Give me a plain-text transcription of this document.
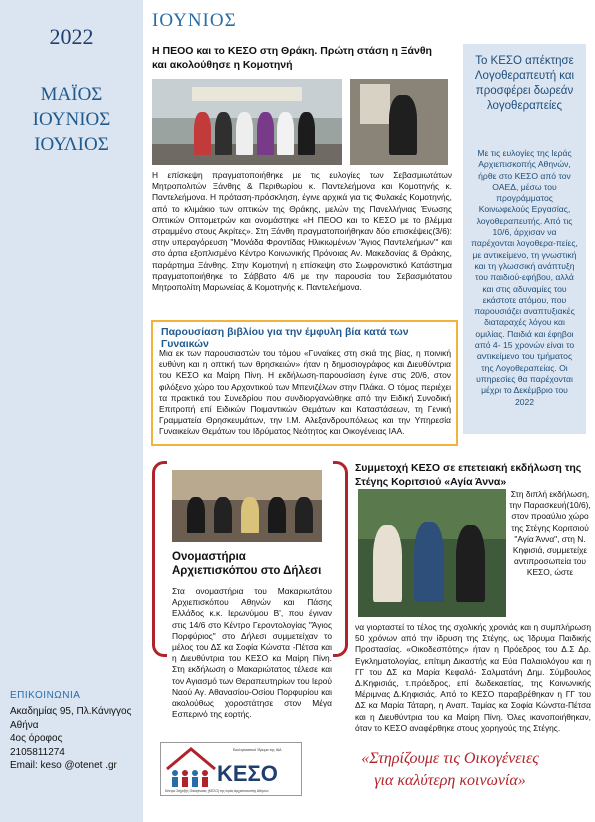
2022
ΜΑΪΟΣ
ΙΟΥΝΙΟΣ
ΙΟΥΛΙΟΣ
ΕΠΙΚΟΙΝΩΝΙΑ
Ακαδημίας 95, Πλ.Κάνιγγος
Αθήνα
4ος όροφος
2105811274
Email: keso @otenet .gr
ΙΟΥΝΙΟΣ
Η ΠΕΟΟ και το ΚΕΣΟ στη Θράκη. Πρώτη στάση η Ξάνθη και ακολούθησε η Κομοτηνή
Η επίσκεψη πραγματοποιήθηκε με τις ευλογίες των Σεβασμιωτάτων Μητροπολιτών Ξάνθης & Περιθωρίου κ. Παντελεήμονα και Κομοτηνής κ. Παντελεήμονα. Η πρόταση-πρόσκληση, έγινε αρχικά για τις Φυλακές Κομοτηνής, από το κλιμάκιο των οπτικών της Θράκης, μελών της Πανελλήνιας Ένωσης Οπτικών Οπτομετρών και ονομάστηκε «Η ΠΕΟΟ και το ΚΕΣΟ με το βλέμμα στραμμένο στους Ακρίτες». Στη Ξάνθη πραγματοποιήθηκαν δύο επισκέψεις(3/6): στην υπεραγόρευση "Μονάδα Φροντίδας Ηλικιωμένων 'Άγιος Παντελεήμων'" και στο άρτια εξοπλισμένο Κέντρο Κοινωνικής Πρόνοιας Αν. Μακεδονίας & Θράκης, παράρτημα Ξάνθης. Στην Κομοτηνή η επίσκεψη στο Σωφρονιστικό Κατάστημα πραγματοποιήθηκε το Σάββατο 4/6 με την παρουσία του Σεβασμιότατου Μητροπολίτη Μαρωνείας & Κομοτηνής κ. Παντελεήμονα.
Το ΚΕΣΟ απέκτησε Λογοθεραπευτή και προσφέρει δωρεάν λογοθεραπείες
Με τις ευλογίες της Ιεράς Αρχιεπισκοπής Αθηνών, ήρθε στο ΚΕΣΟ από τον ΟΑΕΔ, μέσω του προγράμματος Κοινωφελούς Εργασίας, λογοθεραπευτής. Από τις 10/6, άρχισαν να παρέχονται λογοθερα-πείες, με αντικείμενο, τη γνωστική και τη γλωσσική ανάπτυξη του παιδιού-εφήβου, αλλά και στις αδυναμίες του εκάστοτε ατόμου, που παρουσιάζει αναπτυξιακές διαταραχές λόγου και ομιλίας. Παιδιά και έφηβοι από 4- 15 χρονών είναι το αντικείμενο του τμήματος της Λογοθεραπείας. Οι υπηρεσίες θα παρέχονται μέχρι το Δεκέμβριο του 2022
Παρουσίαση βιβλίου για την έμφυλη βία κατά των Γυναικών
Μια εκ των παρουσιαστών του τόμου «Γυναίκες στη σκιά της βίας, η ποινική ευθύνη και η οπτική των θρησκειών» ήταν η δημοσιογράφος και Διευθύντρια του ΚΕΣΟ κα Μαίρη Πίνη. Η εκδήλωση-παρουσίαση έγινε στις 20/6, στον φιλόξενο χώρο του Αρχοντικού των Μπενιζέλων στην Πλάκα. Ο τόμος περιέχει τα πρακτικά του Συνεδρίου που συνδιοργανώθηκε από την Ειδική Συνοδική Επιτροπή επί Ειδικών Ποιμαντικών Θεμάτων και Καταστάσεων, τη Γενική Γραμματεία Θρησκευμάτων, την Ι.Μ. Αλεξανδρουπόλεως και την Υπηρεσία Γυναικείων Θεμάτων του Ιδρύματος Νεότητος και Οικογένειας ΙΑΑ.
Ονομαστήρια Αρχιεπισκόπου στο Δήλεσι
Στα ονομαστήρια του Μακαριωτάτου Αρχιεπισκόπου Αθηνών και Πάσης Ελλάδος κ.κ. Ιερωνύμου Β', που έγιναν στις 14/6 στο Κέντρο Γεροντολογίας "Άγιος Πορφύριος" στο Δήλεσι συμμετείχαν το μέλος του ΔΣ κα Σοφία Κώνστα -Πέτσα και η Διευθύντρια του ΚΕΣΟ κα Μαίρη Πίνη. Στη εκδήλωση ο Μακαριώτατος τέλεσε και τον Αγιασμό των Θεραπευτηρίων του Ιερού Ναού Αγ. Αθανασίου-Οσίου Πορφυρίου και ακολούθως χοροστάτησε στον Μέγα Εσπερινό της εορτής.
Συμμετοχή ΚΕΣΟ σε επετειακή εκδήλωση της Στέγης Κοριτσιού «Αγία Άννα»
Στη διπλή εκδήλωση, την Παρασκευή(10/6), στον προαύλιο χώρο της Στέγης Κοριτσιού "Αγία Άννα", στη Ν. Κηφισιά, συμμετείχε αντιπροσωπεία του ΚΕΣΟ, ώστε
να γιορταστεί το τέλος της σχολικής χρονιάς και η συμπλήρωση 50 χρόνων από την ίδρυση της Στέγης, ως Ίδρυμα Παιδικής Προστασίας. «Οικοδεσπότης» ήταν η Πρόεδρος του Δ.Σ Δρ. Εγκληματολογίας, επίτιμη Δικαστής κα Εύα Παλαιολόγου και η ΓΓ του ΔΣ κα Μαρία Κεφαλά- Σαλματάνη Δημ. Σύμβουλος Δ.Κηφισιάς, τ.πρόεδρος, επί δωδεκαετίας, της Κοινωνικής Μέριμνας Δ.Κηφισιάς. Από το ΚΕΣΟ παραβρέθηκαν η ΓΓ του ΔΣ κα Μαρία Τάταρη, η Αναπ. Ταμίας κα Σοφία Κώνστα-Πέτσα και η Διευθύντρια του κα Μαίρη Πίνη. Όλες ικανοποιήθηκαν, όταν το ΚΕΣΟ αναφέρθηκε στους χορηγούς της Στέγης.
ΚΕΣΟ
Εκκλησιαστικό Ίδρυμα της ΙΑΑ
Κέντρο Στήριξης Οικογένειας (ΚΕΣΟ) της Ιεράς Αρχιεπισκοπής Αθηνών
«Στηρίζουμε τις Οικογένειες
για καλύτερη κοινωνία»
